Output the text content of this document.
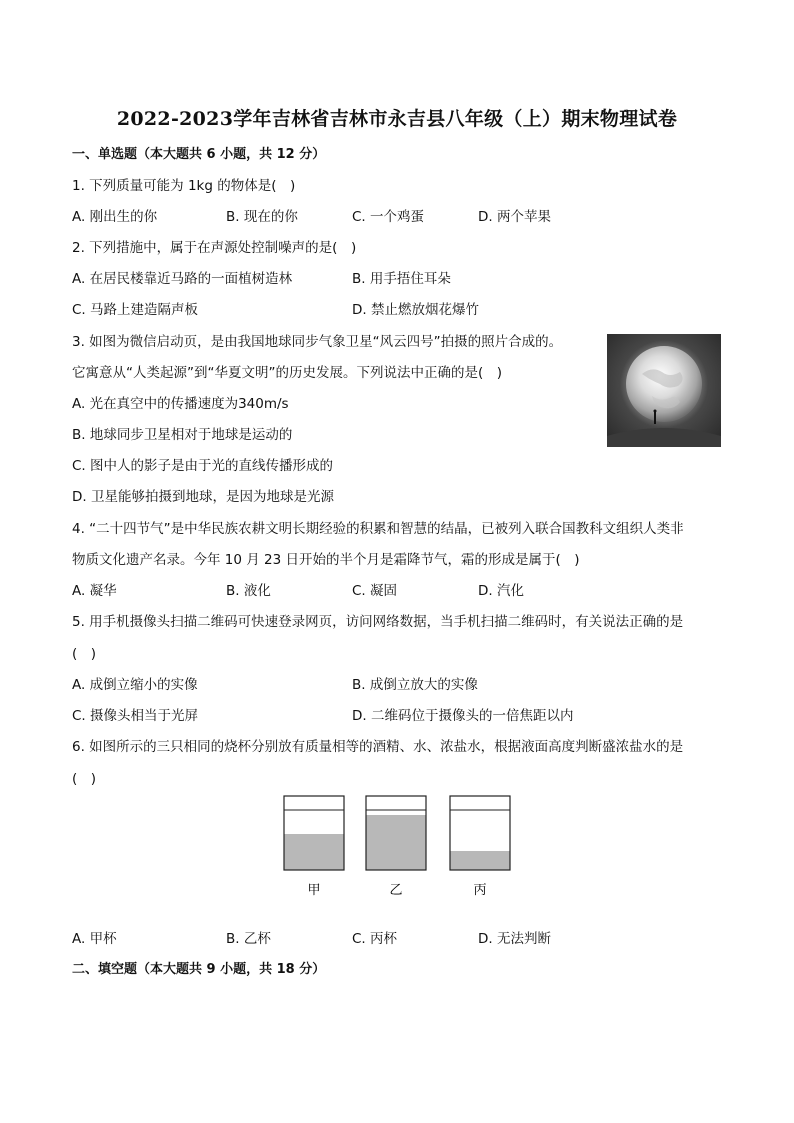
2022-2023学年吉林省吉林市永吉县八年级（上）期末物理试卷
一、单选题（本大题共 6 小题，共 12 分）
1. 下列质量可能为 1kg 的物体是(　)
A. 刚出生的你	B. 现在的你	C. 一个鸡蛋	D. 两个苹果
2. 下列措施中，属于在声源处控制噪声的是(　)
A. 在居民楼靠近马路的一面植树造林	B. 用手捂住耳朵
C. 马路上建造隔声板	D. 禁止燃放烟花爆竹
3. 如图为微信启动页，是由我国地球同步气象卫星“风云四号”拍摄的照片合成的。
它寓意从“人类起源”到“华夏文明”的历史发展。下列说法中正确的是(　)
A. 光在真空中的传播速度为340m/s
B. 地球同步卫星相对于地球是运动的
C. 图中人的影子是由于光的直线传播形成的
D. 卫星能够拍摄到地球，是因为地球是光源
4. “二十四节气”是中华民族农耕文明长期经验的积累和智慧的结晶，已被列入联合国教科文组织人类非
物质文化遗产名录。今年 10 月 23 日开始的半个月是霜降节气，霜的形成是属于(　)
A. 凝华	B. 液化	C. 凝固	D. 汽化
5. 用手机摄像头扫描二维码可快速登录网页，访问网络数据，当手机扫描二维码时，有关说法正确的是
(　)
A. 成倒立缩小的实像	B. 成倒立放大的实像
C. 摄像头相当于光屏	D. 二维码位于摄像头的一倍焦距以内
6. 如图所示的三只相同的烧杯分别放有质量相等的酒精、水、浓盐水，根据液面高度判断盛浓盐水的是
(　)
甲	乙	丙
A. 甲杯	B. 乙杯	C. 丙杯	D. 无法判断
二、填空题（本大题共 9 小题，共 18 分）
